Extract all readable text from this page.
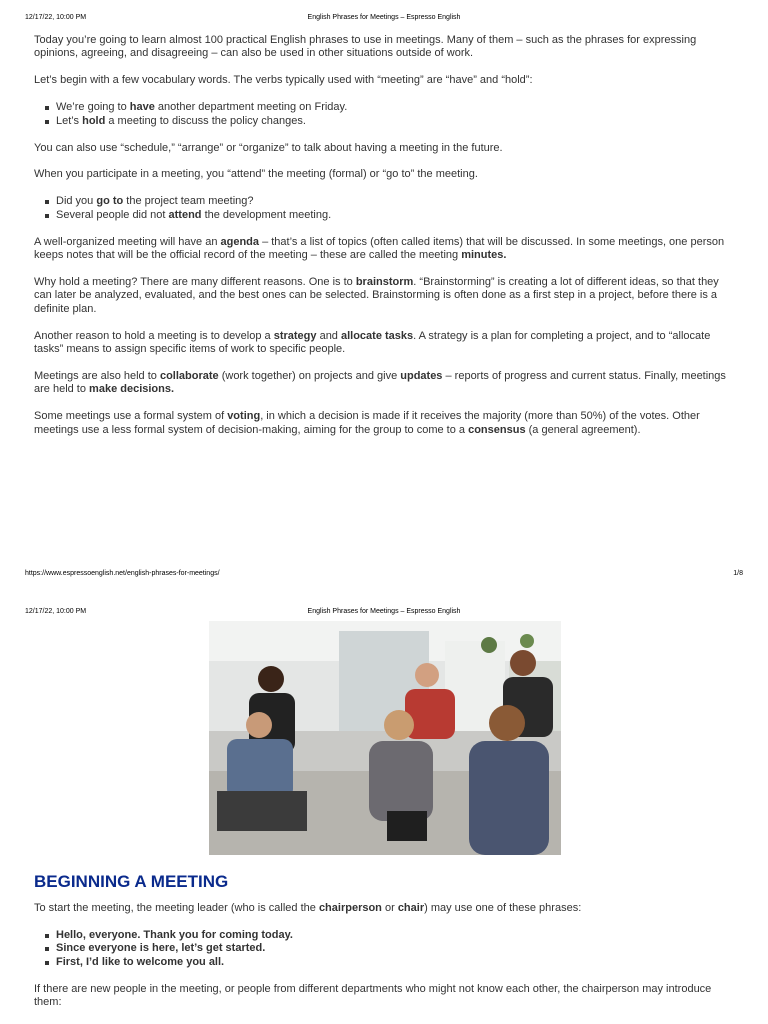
12/17/22, 10:00 PM	English Phrases for Meetings – Espresso English

Today you’re going to learn almost 100 practical English phrases to use in meetings. Many of them – such as the phrases for expressing opinions, agreeing, and disagreeing – can also be used in other situations outside of work.

Let’s begin with a few vocabulary words. The verbs typically used with “meeting” are “have” and “hold”:

We’re going to have another department meeting on Friday.
Let’s hold a meeting to discuss the policy changes.

You can also use “schedule,” “arrange” or “organize” to talk about having a meeting in the future.

When you participate in a meeting, you “attend” the meeting (formal) or “go to” the meeting.

Did you go to the project team meeting?
Several people did not attend the development meeting.

A well-organized meeting will have an agenda – that’s a list of topics (often called items) that will be discussed. In some meetings, one person keeps notes that will be the official record of the meeting – these are called the meeting minutes.

Why hold a meeting? There are many different reasons. One is to brainstorm. “Brainstorming” is creating a lot of different ideas, so that they can later be analyzed, evaluated, and the best ones can be selected. Brainstorming is often done as a first step in a project, before there is a definite plan.

Another reason to hold a meeting is to develop a strategy and allocate tasks. A strategy is a plan for completing a project, and to “allocate tasks” means to assign specific items of work to specific people.

Meetings are also held to collaborate (work together) on projects and give updates – reports of progress and current status. Finally, meetings are held to make decisions.

Some meetings use a formal system of voting, in which a decision is made if it receives the majority (more than 50%) of the votes. Other meetings use a less formal system of decision-making, aiming for the group to come to a consensus (a general agreement).

https://www.espressoenglish.net/english-phrases-for-meetings/	1/8
12/17/22, 10:00 PM	English Phrases for Meetings – Espresso English
BEGINNING A MEETING

To start the meeting, the meeting leader (who is called the chairperson or chair) may use one of these phrases:

Hello, everyone. Thank you for coming today.
Since everyone is here, let’s get started.
First, I’d like to welcome you all.

If there are new people in the meeting, or people from different departments who might not know each other, the chairperson may introduce them:
